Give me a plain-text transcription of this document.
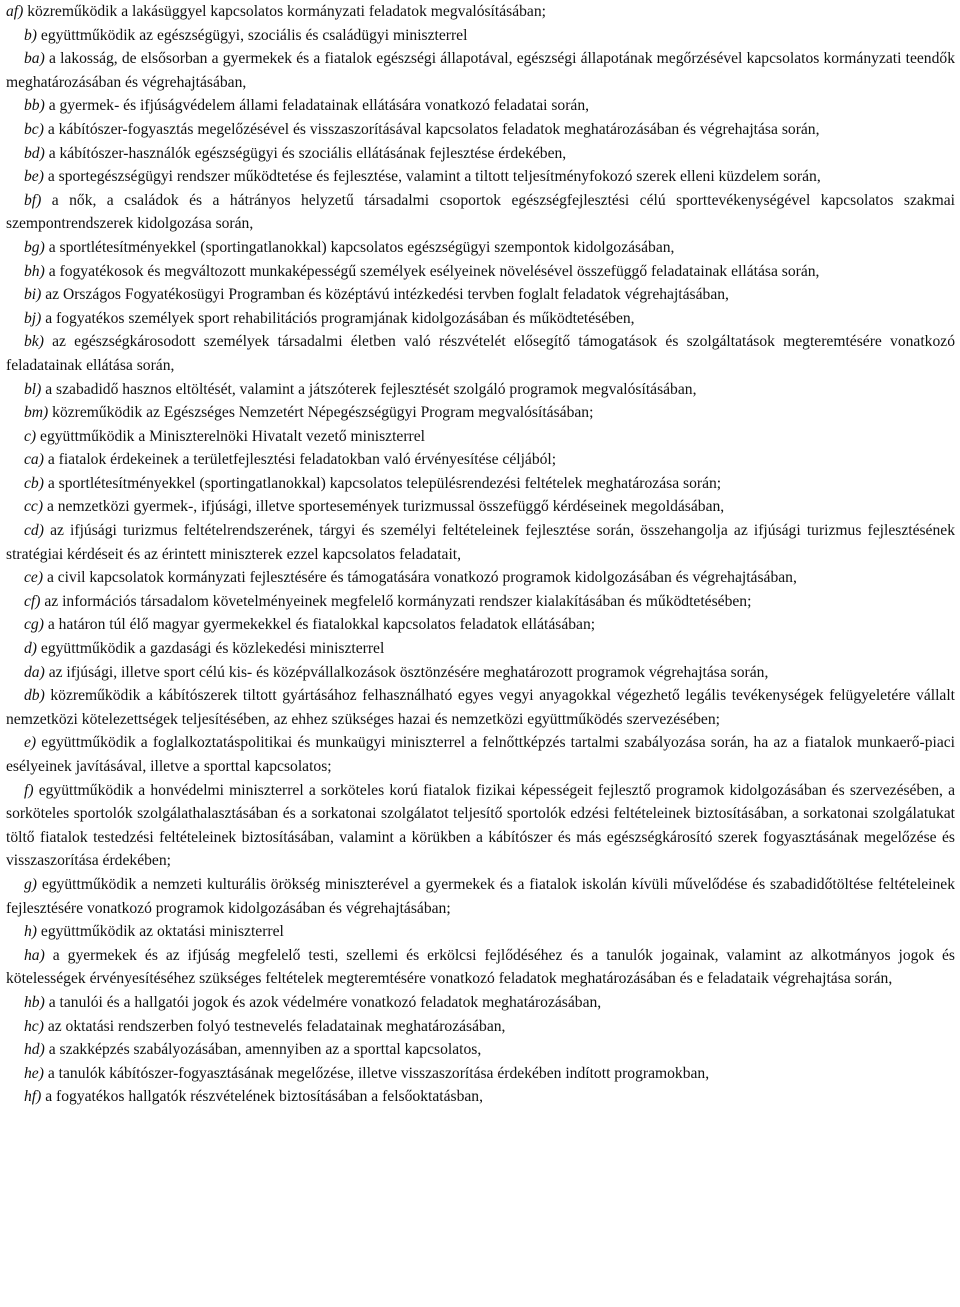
af) közreműködik a lakásüggyel kapcsolatos kormányzati feladatok megvalósításában;

b) együttműködik az egészségügyi, szociális és családügyi miniszterrel

ba) a lakosság, de elsősorban a gyermekek és a fiatalok egészségi állapotával, egészségi állapotának megőrzésével kapcsolatos kormányzati teendők meghatározásában és végrehajtásában,

bb) a gyermek- és ifjúságvédelem állami feladatainak ellátására vonatkozó feladatai során,

bc) a kábítószer-fogyasztás megelőzésével és visszaszorításával kapcsolatos feladatok meghatározásában és végrehajtása során,

bd) a kábítószer-használók egészségügyi és szociális ellátásának fejlesztése érdekében,

be) a sportegészségügyi rendszer működtetése és fejlesztése, valamint a tiltott teljesítményfokozó szerek elleni küzdelem során,

bf) a nők, a családok és a hátrányos helyzetű társadalmi csoportok egészségfejlesztési célú sporttevékenységével kapcsolatos szakmai szempontrendszerek kidolgozása során,

bg) a sportlétesítményekkel (sportingatlanokkal) kapcsolatos egészségügyi szempontok kidolgozásában,

bh) a fogyatékosok és megváltozott munkaképességű személyek esélyeinek növelésével összefüggő feladatainak ellátása során,

bi) az Országos Fogyatékosügyi Programban és középtávú intézkedési tervben foglalt feladatok végrehajtásában,

bj) a fogyatékos személyek sport rehabilitációs programjának kidolgozásában és működtetésében,

bk) az egészségkárosodott személyek társadalmi életben való részvételét elősegítő támogatások és szolgáltatások megteremtésére vonatkozó feladatainak ellátása során,

bl) a szabadidő hasznos eltöltését, valamint a játszóterek fejlesztését szolgáló programok megvalósításában,

bm) közreműködik az Egészséges Nemzetért Népegészségügyi Program megvalósításában;

c) együttműködik a Miniszterelnöki Hivatalt vezető miniszterrel

ca) a fiatalok érdekeinek a területfejlesztési feladatokban való érvényesítése céljából;

cb) a sportlétesítményekkel (sportingatlanokkal) kapcsolatos településrendezési feltételek meghatározása során;

cc) a nemzetközi gyermek-, ifjúsági, illetve sportesemények turizmussal összefüggő kérdéseinek megoldásában,

cd) az ifjúsági turizmus feltételrendszerének, tárgyi és személyi feltételeinek fejlesztése során, összehangolja az ifjúsági turizmus fejlesztésének stratégiai kérdéseit és az érintett miniszterek ezzel kapcsolatos feladatait,

ce) a civil kapcsolatok kormányzati fejlesztésére és támogatására vonatkozó programok kidolgozásában és végrehajtásában,

cf) az információs társadalom követelményeinek megfelelő kormányzati rendszer kialakításában és működtetésében;

cg) a határon túl élő magyar gyermekekkel és fiatalokkal kapcsolatos feladatok ellátásában;

d) együttműködik a gazdasági és közlekedési miniszterrel

da) az ifjúsági, illetve sport célú kis- és középvállalkozások ösztönzésére meghatározott programok végrehajtása során,

db) közreműködik a kábítószerek tiltott gyártásához felhasználható egyes vegyi anyagokkal végezhető legális tevékenységek felügyeletére vállalt nemzetközi kötelezettségek teljesítésében, az ehhez szükséges hazai és nemzetközi együttműködés szervezésében;

e) együttműködik a foglalkoztatáspolitikai és munkaügyi miniszterrel a felnőttképzés tartalmi szabályozása során, ha az a fiatalok munkaerő-piaci esélyeinek javításával, illetve a sporttal kapcsolatos;

f) együttműködik a honvédelmi miniszterrel a sorköteles korú fiatalok fizikai képességeit fejlesztő programok kidolgozásában és szervezésében, a sorköteles sportolók szolgálathalasztásában és a sorkatonai szolgálatot teljesítő sportolók edzési feltételeinek biztosításában, a sorkatonai szolgálatukat töltő fiatalok testedzési feltételeinek biztosításában, valamint a körükben a kábítószer és más egészségkárosító szerek fogyasztásának megelőzése és visszaszorítása érdekében;

g) együttműködik a nemzeti kulturális örökség miniszterével a gyermekek és a fiatalok iskolán kívüli művelődése és szabadidőtöltése feltételeinek fejlesztésére vonatkozó programok kidolgozásában és végrehajtásában;

h) együttműködik az oktatási miniszterrel

ha) a gyermekek és az ifjúság megfelelő testi, szellemi és erkölcsi fejlődéséhez és a tanulók jogainak, valamint az alkotmányos jogok és kötelességek érvényesítéséhez szükséges feltételek megteremtésére vonatkozó feladatok meghatározásában és e feladataik végrehajtása során,

hb) a tanulói és a hallgatói jogok és azok védelmére vonatkozó feladatok meghatározásában,

hc) az oktatási rendszerben folyó testnevelés feladatainak meghatározásában,

hd) a szakképzés szabályozásában, amennyiben az a sporttal kapcsolatos,

he) a tanulók kábítószer-fogyasztásának megelőzése, illetve visszaszorítása érdekében indított programokban,

hf) a fogyatékos hallgatók részvételének biztosításában a felsőoktatásban,
